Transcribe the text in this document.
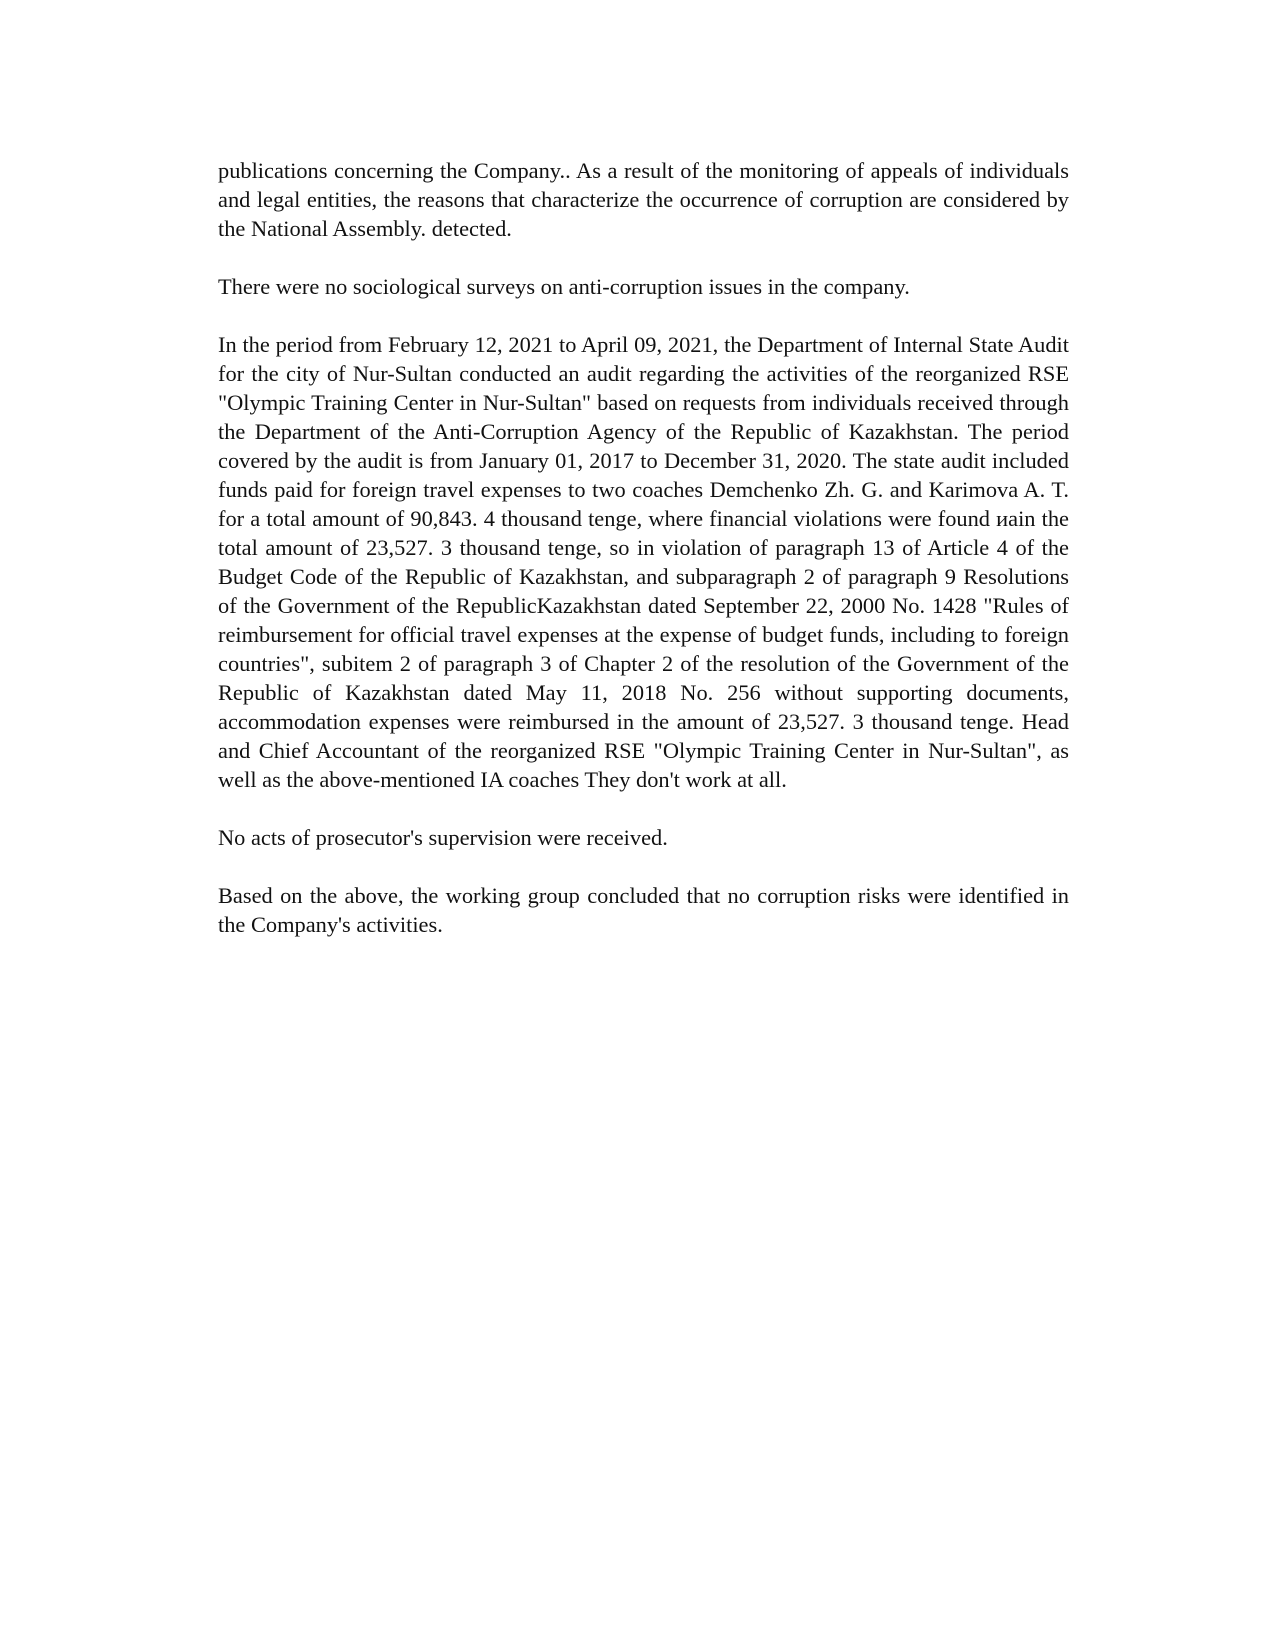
publications concerning the Company.. As a result of the monitoring of appeals of individuals and legal entities, the reasons that characterize the occurrence of corruption are considered by the National Assembly. detected.

There were no sociological surveys on anti-corruption issues in the company.

In the period from February 12, 2021 to April 09, 2021, the Department of Internal State Audit for the city of Nur-Sultan conducted an audit regarding the activities of the reorganized RSE "Olympic Training Center in Nur-Sultan" based on requests from individuals received through the Department of the Anti-Corruption Agency of the Republic of Kazakhstan. The period covered by the audit is from January 01, 2017 to December 31, 2020. The state audit included funds paid for foreign travel expenses to two coaches Demchenko Zh. G. and Karimova A. T. for a total amount of 90,843. 4 thousand tenge, where financial violations were found иain the total amount of 23,527. 3 thousand tenge, so in violation of paragraph 13 of Article 4 of the Budget Code of the Republic of Kazakhstan, and subparagraph 2 of paragraph 9 Resolutions of the Government of the RepublicKazakhstan dated September 22, 2000 No. 1428 "Rules of reimbursement for official travel expenses at the expense of budget funds, including to foreign countries", subitem 2 of paragraph 3 of Chapter 2 of the resolution of the Government of the Republic of Kazakhstan dated May 11, 2018 No. 256 without supporting documents, accommodation expenses were reimbursed in the amount of 23,527. 3 thousand tenge. Head and Chief Accountant of the reorganized RSE "Olympic Training Center in Nur-Sultan", as well as the above-mentioned IA coaches They don't work at all.

No acts of prosecutor's supervision were received.

Based on the above, the working group concluded that no corruption risks were identified in the Company's activities.
